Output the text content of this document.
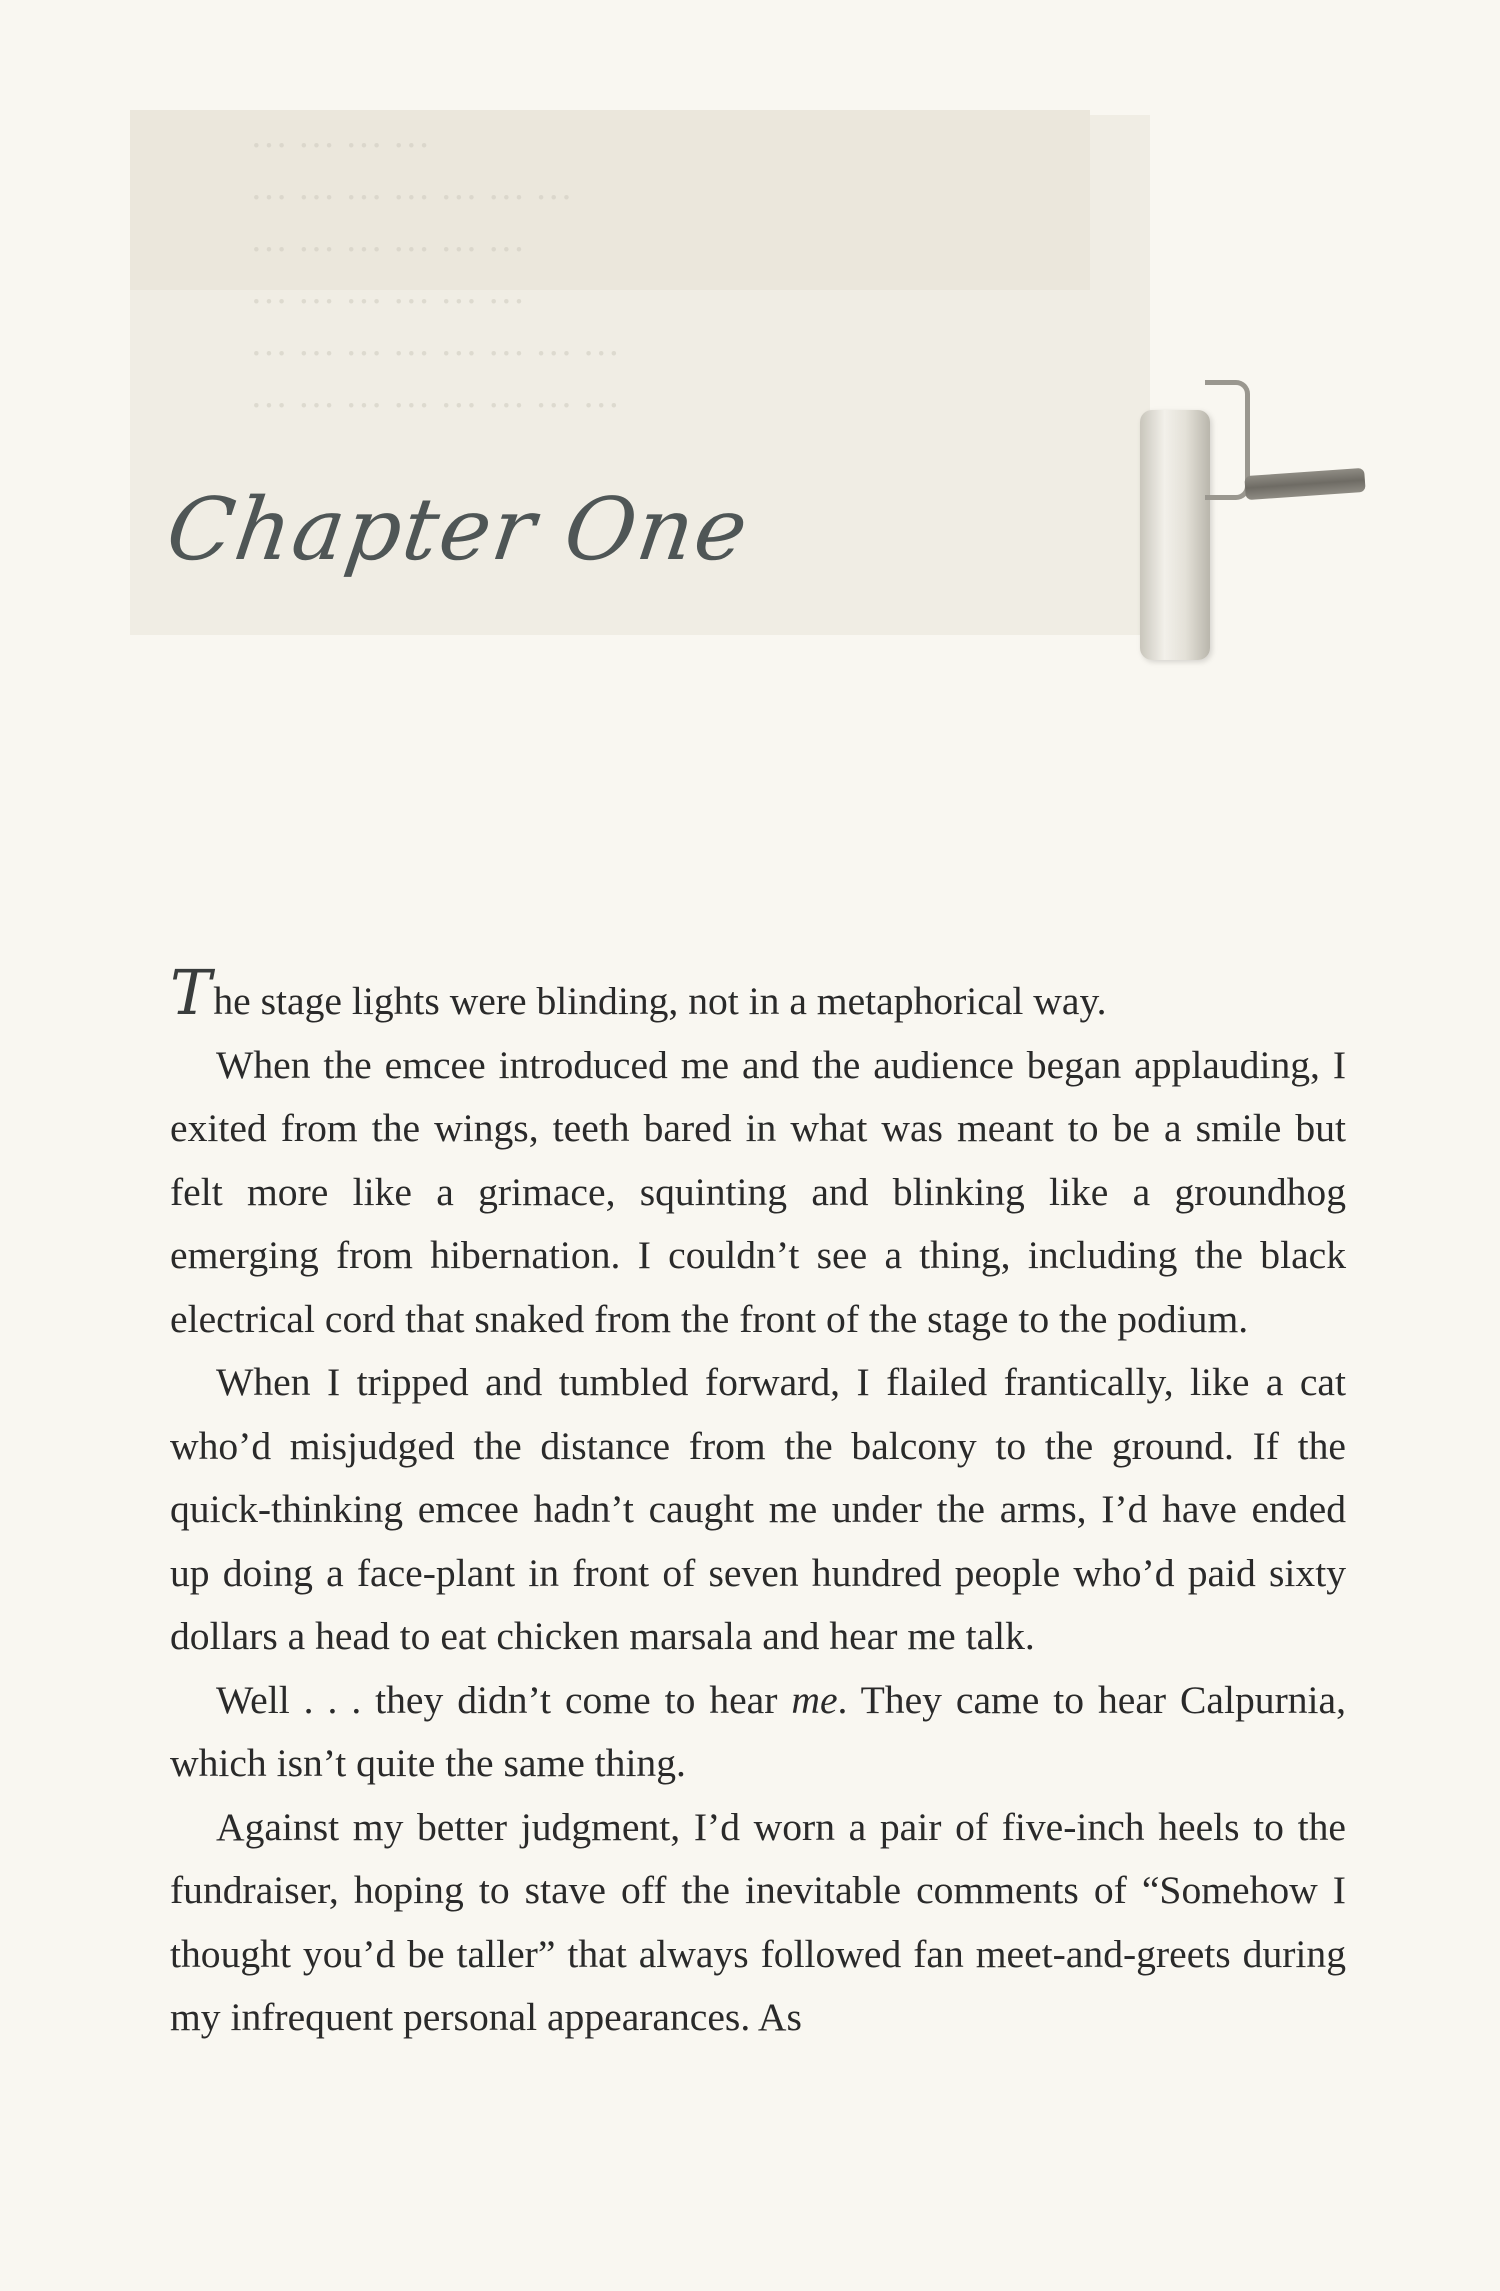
··· ··· ··· ···
··· ··· ··· ··· ··· ··· ···
··· ··· ··· ··· ··· ···
··· ··· ··· ··· ··· ···
··· ··· ··· ··· ··· ··· ··· ···
··· ··· ··· ··· ··· ··· ··· ···
Chapter One

The stage lights were blinding, not in a metaphorical way.

When the emcee introduced me and the audience began applauding, I exited from the wings, teeth bared in what was meant to be a smile but felt more like a grimace, squinting and blinking like a groundhog emerging from hibernation. I couldn’t see a thing, including the black electrical cord that snaked from the front of the stage to the podium.

When I tripped and tumbled forward, I flailed frantically, like a cat who’d misjudged the distance from the balcony to the ground. If the quick-thinking emcee hadn’t caught me under the arms, I’d have ended up doing a face-plant in front of seven hundred people who’d paid sixty dollars a head to eat chicken marsala and hear me talk.

Well . . . they didn’t come to hear me. They came to hear Calpurnia, which isn’t quite the same thing.

Against my better judgment, I’d worn a pair of five-inch heels to the fundraiser, hoping to stave off the inevitable comments of “Somehow I thought you’d be taller” that always followed fan meet-and-greets during my infrequent personal appearances. As
